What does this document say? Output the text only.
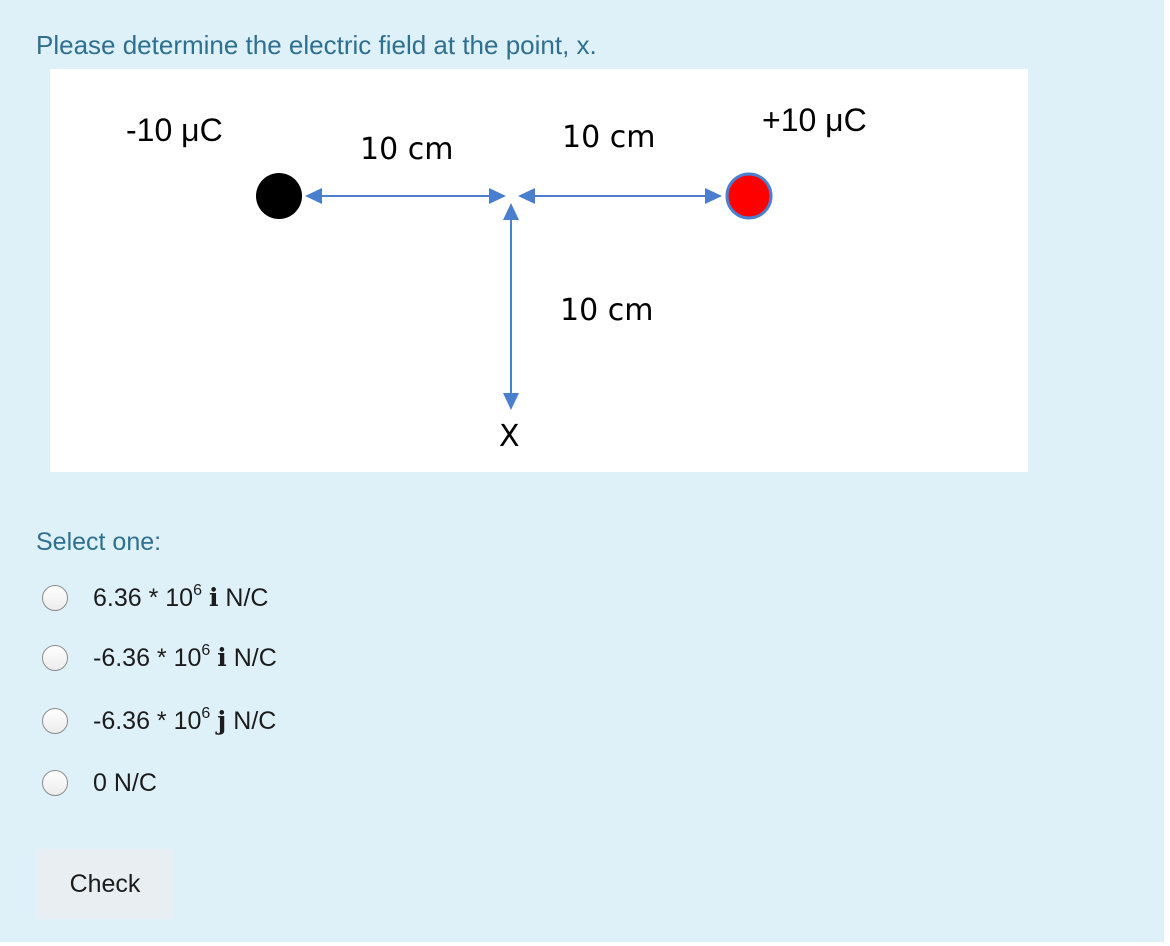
Please determine the electric field at the point, x.
-10 μC	+10 μC
10 cm	10 cm
10 cm
X
Select one:
$6.36 * 10^6$ i N/C
$-6.36 * 10^6$ i N/C
$-6.36 * 10^6$ j N/C
0 N/C
Check
